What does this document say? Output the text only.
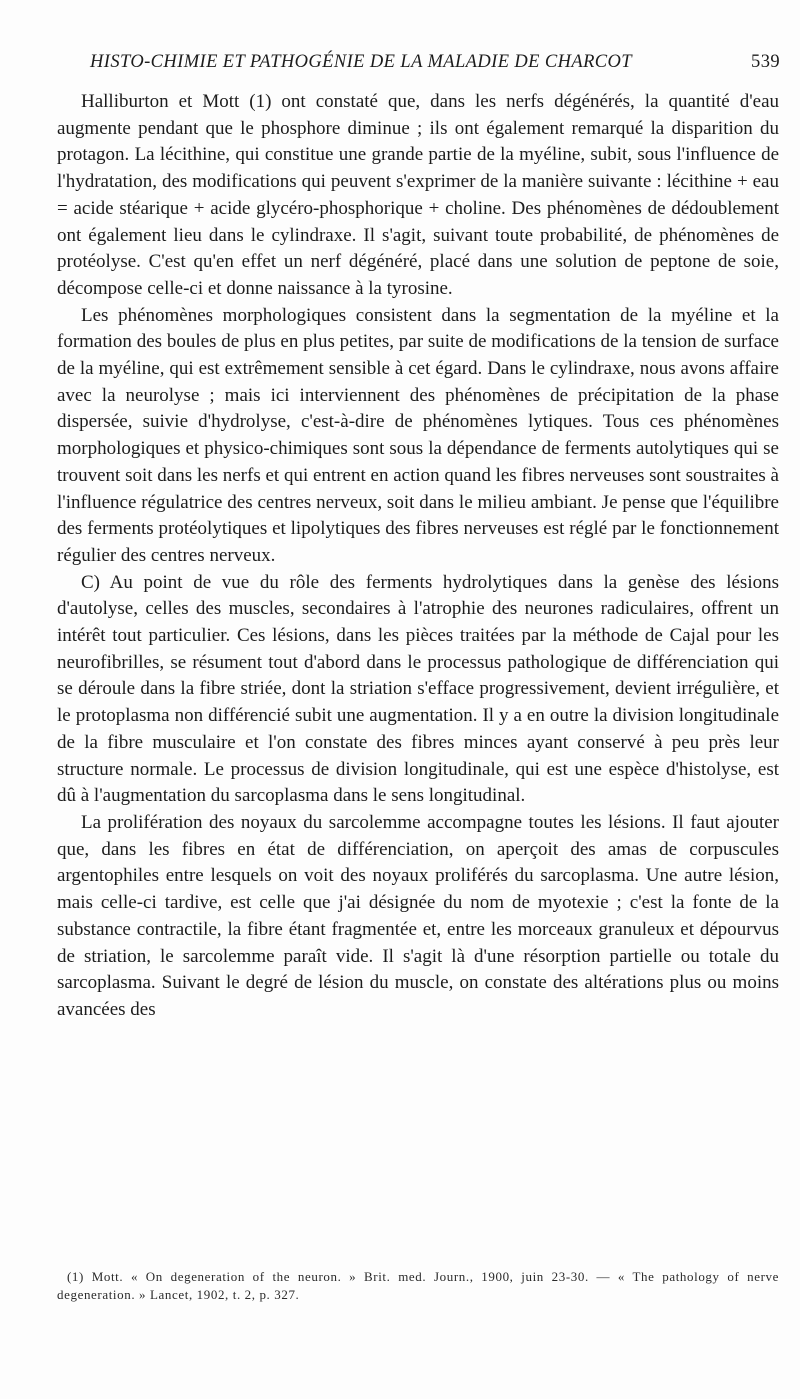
HISTO-CHIMIE ET PATHOGÉNIE DE LA MALADIE DE CHARCOT	539

Halliburton et Mott (1) ont constaté que, dans les nerfs dégénérés, la quantité d'eau augmente pendant que le phosphore diminue ; ils ont également remarqué la disparition du protagon. La lécithine, qui constitue une grande partie de la myéline, subit, sous l'influence de l'hydratation, des modifications qui peuvent s'exprimer de la manière suivante : lécithine + eau = acide stéarique + acide glycéro-phosphorique + choline. Des phénomènes de dédoublement ont également lieu dans le cylindraxe. Il s'agit, suivant toute probabilité, de phénomènes de protéolyse. C'est qu'en effet un nerf dégénéré, placé dans une solution de peptone de soie, décompose celle-ci et donne naissance à la tyrosine.

Les phénomènes morphologiques consistent dans la segmentation de la myéline et la formation des boules de plus en plus petites, par suite de modifications de la tension de surface de la myéline, qui est extrêmement sensible à cet égard. Dans le cylindraxe, nous avons affaire avec la neurolyse ; mais ici interviennent des phénomènes de précipitation de la phase dispersée, suivie d'hydrolyse, c'est-à-dire de phénomènes lytiques. Tous ces phénomènes morphologiques et physico-chimiques sont sous la dépendance de ferments autolytiques qui se trouvent soit dans les nerfs et qui entrent en action quand les fibres nerveuses sont soustraites à l'influence régulatrice des centres nerveux, soit dans le milieu ambiant. Je pense que l'équilibre des ferments protéolytiques et lipolytiques des fibres nerveuses est réglé par le fonctionnement régulier des centres nerveux.

C) Au point de vue du rôle des ferments hydrolytiques dans la genèse des lésions d'autolyse, celles des muscles, secondaires à l'atrophie des neurones radiculaires, offrent un intérêt tout particulier. Ces lésions, dans les pièces traitées par la méthode de Cajal pour les neurofibrilles, se résument tout d'abord dans le processus pathologique de différenciation qui se déroule dans la fibre striée, dont la striation s'efface progressivement, devient irrégulière, et le protoplasma non différencié subit une augmentation. Il y a en outre la division longitudinale de la fibre musculaire et l'on constate des fibres minces ayant conservé à peu près leur structure normale. Le processus de division longitudinale, qui est une espèce d'histolyse, est dû à l'augmentation du sarcoplasma dans le sens longitudinal.

La prolifération des noyaux du sarcolemme accompagne toutes les lésions. Il faut ajouter que, dans les fibres en état de différenciation, on aperçoit des amas de corpuscules argentophiles entre lesquels on voit des noyaux proliférés du sarcoplasma. Une autre lésion, mais celle-ci tardive, est celle que j'ai désignée du nom de myotexie ; c'est la fonte de la substance contractile, la fibre étant fragmentée et, entre les morceaux granuleux et dépourvus de striation, le sarcolemme paraît vide. Il s'agit là d'une résorption partielle ou totale du sarcoplasma. Suivant le degré de lésion du muscle, on constate des altérations plus ou moins avancées des

(1) Mott. « On degeneration of the neuron. » Brit. med. Journ., 1900, juin 23-30. — « The pathology of nerve degeneration. » Lancet, 1902, t. 2, p. 327.
